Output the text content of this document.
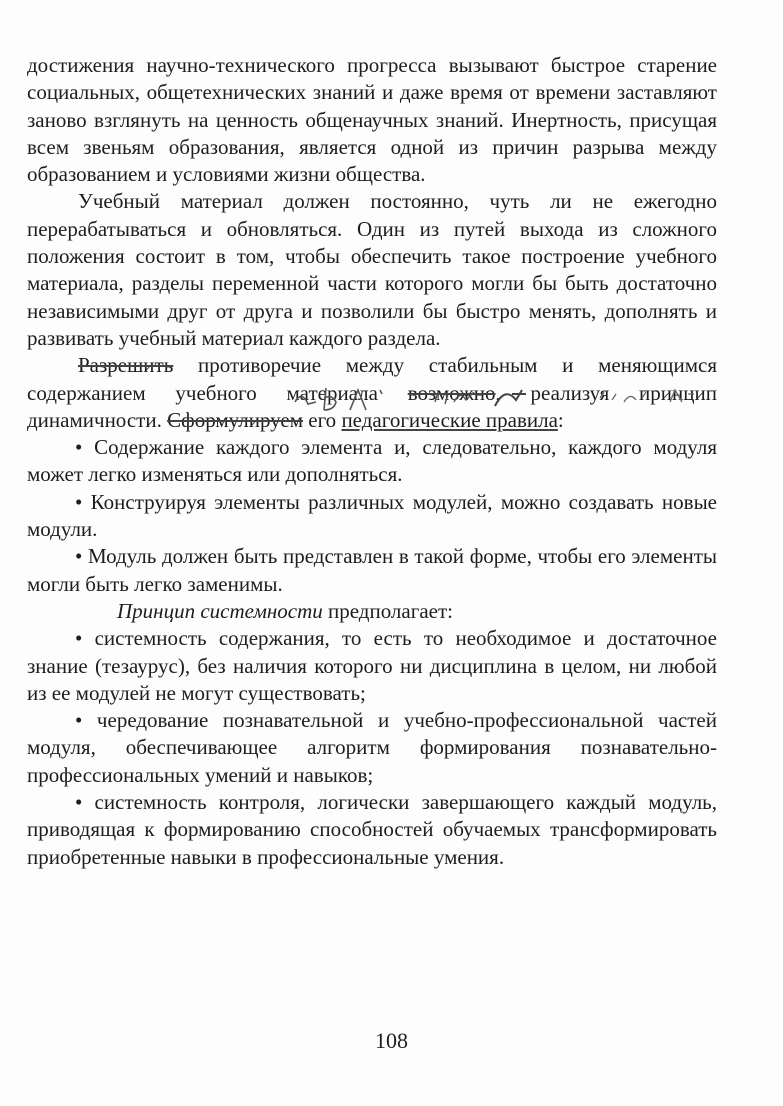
достижения научно-технического прогресса вызывают быстрое старение социальных, общетехнических знаний и даже время от времени заставляют заново взглянуть на ценность общенаучных знаний. Инертность, присущая всем звеньям образования, является одной из причин разрыва между образованием и условиями жизни общества.

Учебный материал должен постоянно, чуть ли не ежегодно перерабатываться и обновляться. Один из путей выхода из сложного положения состоит в том, чтобы обеспечить такое построение учебного материала, разделы переменной части которого могли бы быть достаточно независимыми друг от друга и позволили бы быстро менять, дополнять и развивать учебный материал каждого раздела.

Разрешить противоречие между стабильным и меняющимся содержанием учебного материала возможно, реализуя принцип динамичности. Сформулируем его педагогические правила:

• Содержание каждого элемента и, следовательно, каждого модуля может легко изменяться или дополняться.

• Конструируя элементы различных модулей, можно создавать новые модули.

• Модуль должен быть представлен в такой форме, чтобы его элементы могли быть легко заменимы.

Принцип системности предполагает:

• системность содержания, то есть то необходимое и достаточное знание (тезаурус), без наличия которого ни дисциплина в целом, ни любой из ее модулей не могут существовать;

• чередование познавательной и учебно-профессиональной частей модуля, обеспечивающее алгоритм формирования познавательно-профессиональных умений и навыков;

• системность контроля, логически завершающего каждый модуль, приводящая к формированию способностей обучаемых трансформировать приобретенные навыки в профессиональные умения.

108
